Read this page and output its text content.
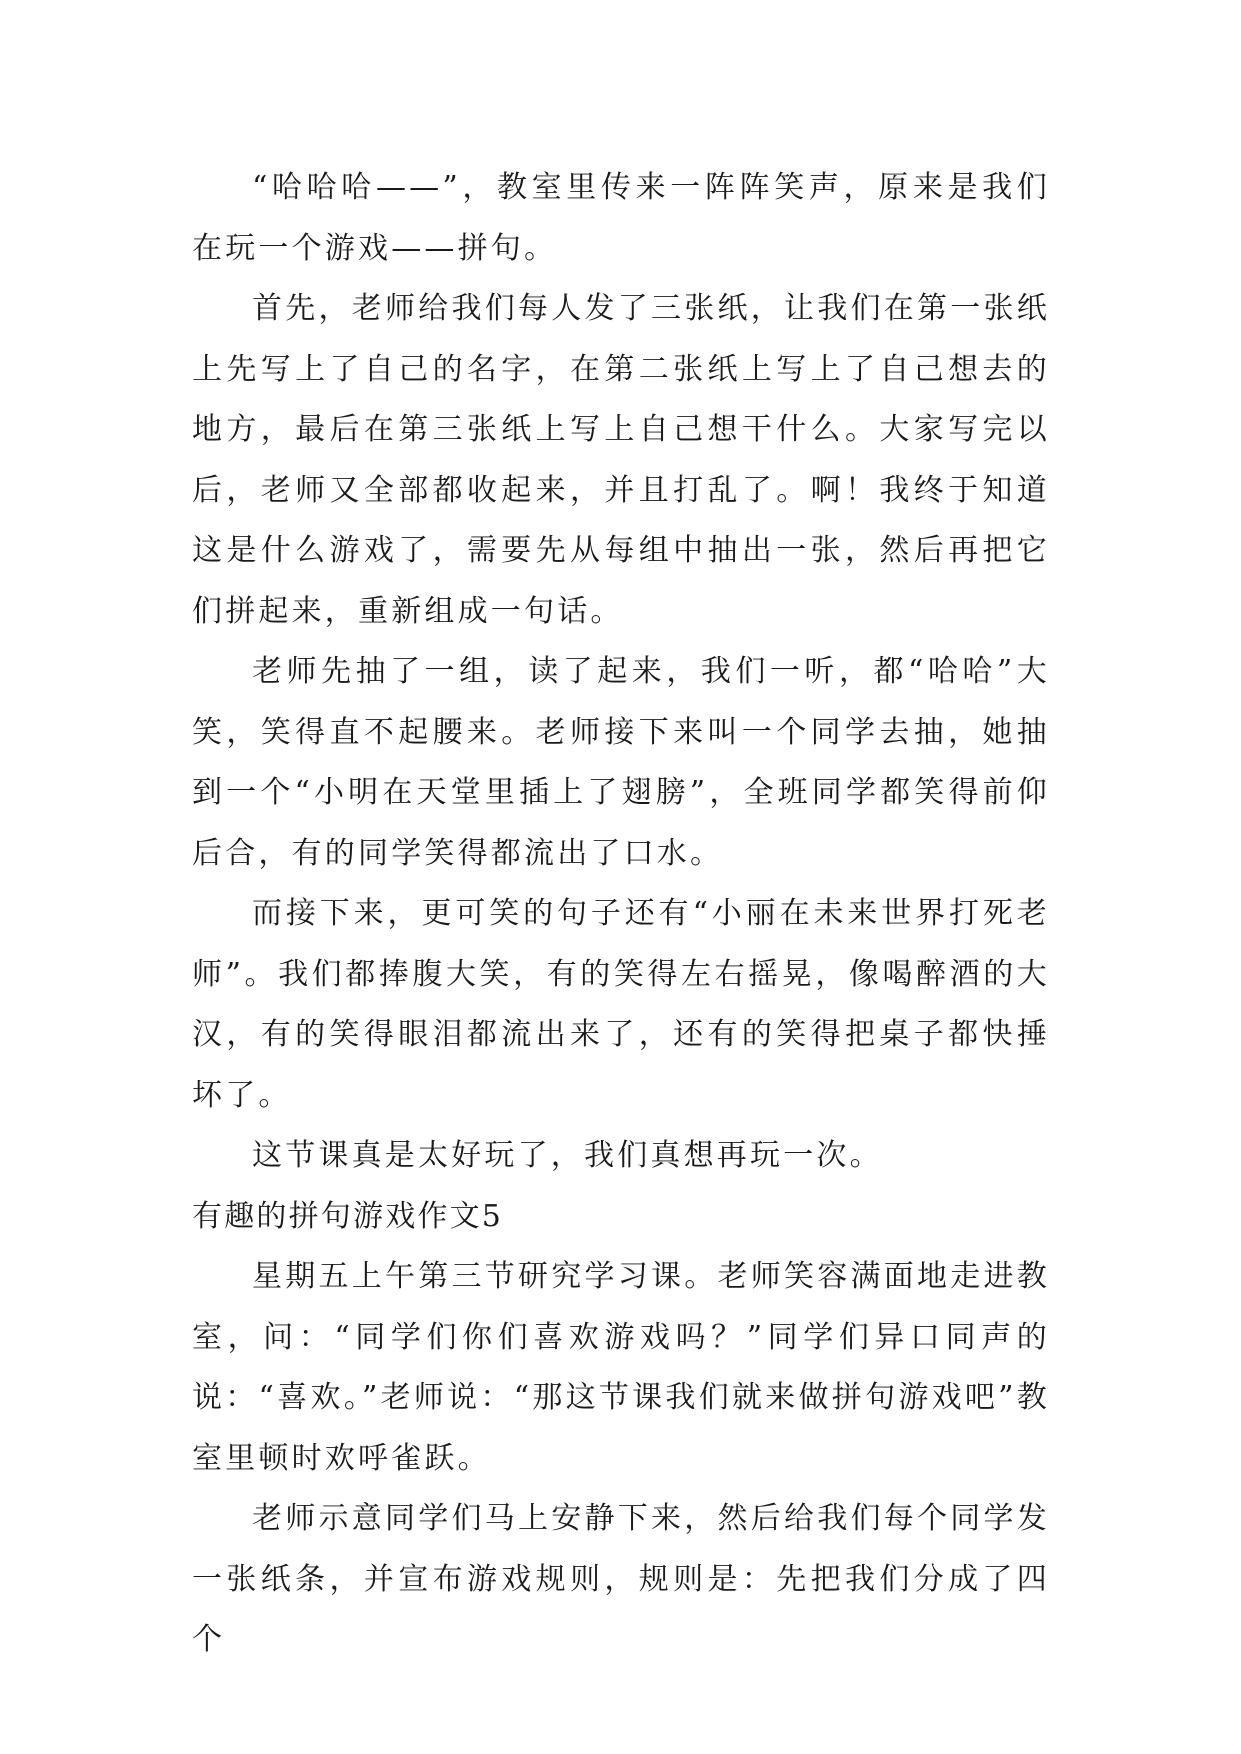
“哈哈哈——”，教室里传来一阵阵笑声，原来是我们在玩一个游戏——拼句。

首先，老师给我们每人发了三张纸，让我们在第一张纸上先写上了自己的名字，在第二张纸上写上了自己想去的地方，最后在第三张纸上写上自己想干什么。大家写完以后，老师又全部都收起来，并且打乱了。啊！我终于知道这是什么游戏了，需要先从每组中抽出一张，然后再把它们拼起来，重新组成一句话。

老师先抽了一组，读了起来，我们一听，都“哈哈”大笑，笑得直不起腰来。老师接下来叫一个同学去抽，她抽到一个“小明在天堂里插上了翅膀”，全班同学都笑得前仰后合，有的同学笑得都流出了口水。

而接下来，更可笑的句子还有“小丽在未来世界打死老师”。我们都捧腹大笑，有的笑得左右摇晃，像喝醉酒的大汉，有的笑得眼泪都流出来了，还有的笑得把桌子都快捶坏了。

这节课真是太好玩了，我们真想再玩一次。

有趣的拼句游戏作文5

星期五上午第三节研究学习课。老师笑容满面地走进教室，问：“同学们你们喜欢游戏吗？”同学们异口同声的说：“喜欢。”老师说：“那这节课我们就来做拼句游戏吧”教室里顿时欢呼雀跃。

老师示意同学们马上安静下来，然后给我们每个同学发一张纸条，并宣布游戏规则，规则是：先把我们分成了四个
